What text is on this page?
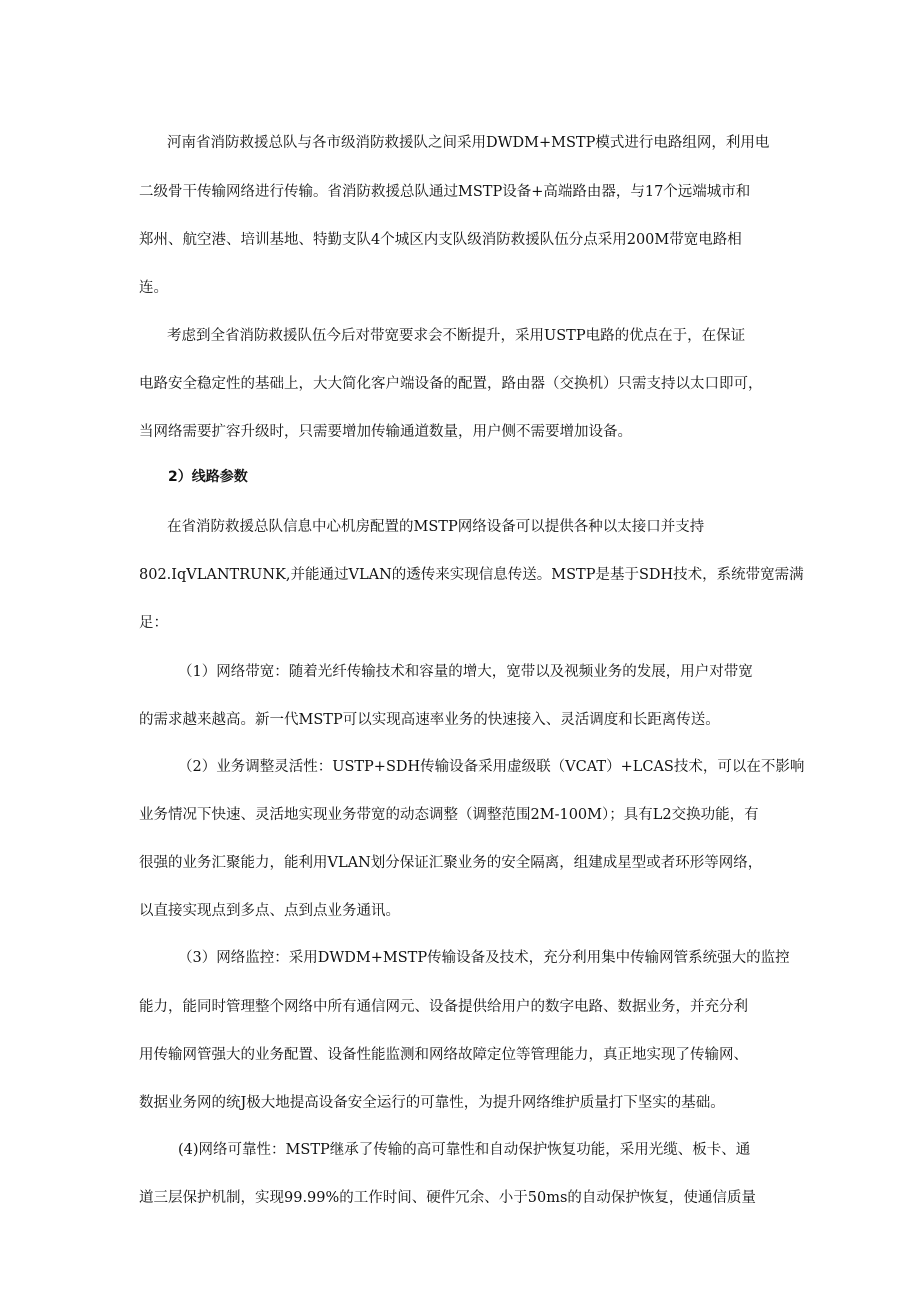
河南省消防救援总队与各市级消防救援队之间采用DWDM+MSTP模式进行电路组网，利用电
二级骨干传输网络进行传输。省消防救援总队通过MSTP设备+高端路由器，与17个远端城市和
郑州、航空港、培训基地、特勤支队4个城区内支队级消防救援队伍分点采用200M带宽电路相
连。
考虑到全省消防救援队伍今后对带宽要求会不断提升，采用USTP电路的优点在于，在保证
电路安全稳定性的基础上，大大简化客户端设备的配置，路由器（交换机）只需支持以太口即可，
当网络需要扩容升级时，只需要增加传输通道数量，用户侧不需要增加设备。
2）线路参数
在省消防救援总队信息中心机房配置的MSTP网络设备可以提供各种以太接口并支持
802.IqVLANTRUNK,并能通过VLAN的透传来实现信息传送。MSTP是基于SDH技术，系统带宽需满
足：
（1）网络带宽：随着光纤传输技术和容量的增大，宽带以及视频业务的发展，用户对带宽
的需求越来越高。新一代MSTP可以实现高速率业务的快速接入、灵活调度和长距离传送。
（2）业务调整灵活性：USTP+SDH传输设备采用虚级联（VCAT）+LCAS技术，可以在不影响
业务情况下快速、灵活地实现业务带宽的动态调整（调整范围2M-100M）；具有L2交换功能，有
很强的业务汇聚能力，能利用VLAN划分保证汇聚业务的安全隔离，组建成星型或者环形等网络，
以直接实现点到多点、点到点业务通讯。
（3）网络监控：采用DWDM+MSTP传输设备及技术，充分利用集中传输网管系统强大的监控
能力，能同时管理整个网络中所有通信网元、设备提供给用户的数字电路、数据业务，并充分利
用传输网管强大的业务配置、设备性能监测和网络故障定位等管理能力，真正地实现了传输网、
数据业务网的统J极大地提高设备安全运行的可靠性，为提升网络维护质量打下坚实的基础。
(4)网络可靠性：MSTP继承了传输的高可靠性和自动保护恢复功能，采用光缆、板卡、通
道三层保护机制，实现99.99%的工作时间、硬件冗余、小于50ms的自动保护恢复，使通信质量
